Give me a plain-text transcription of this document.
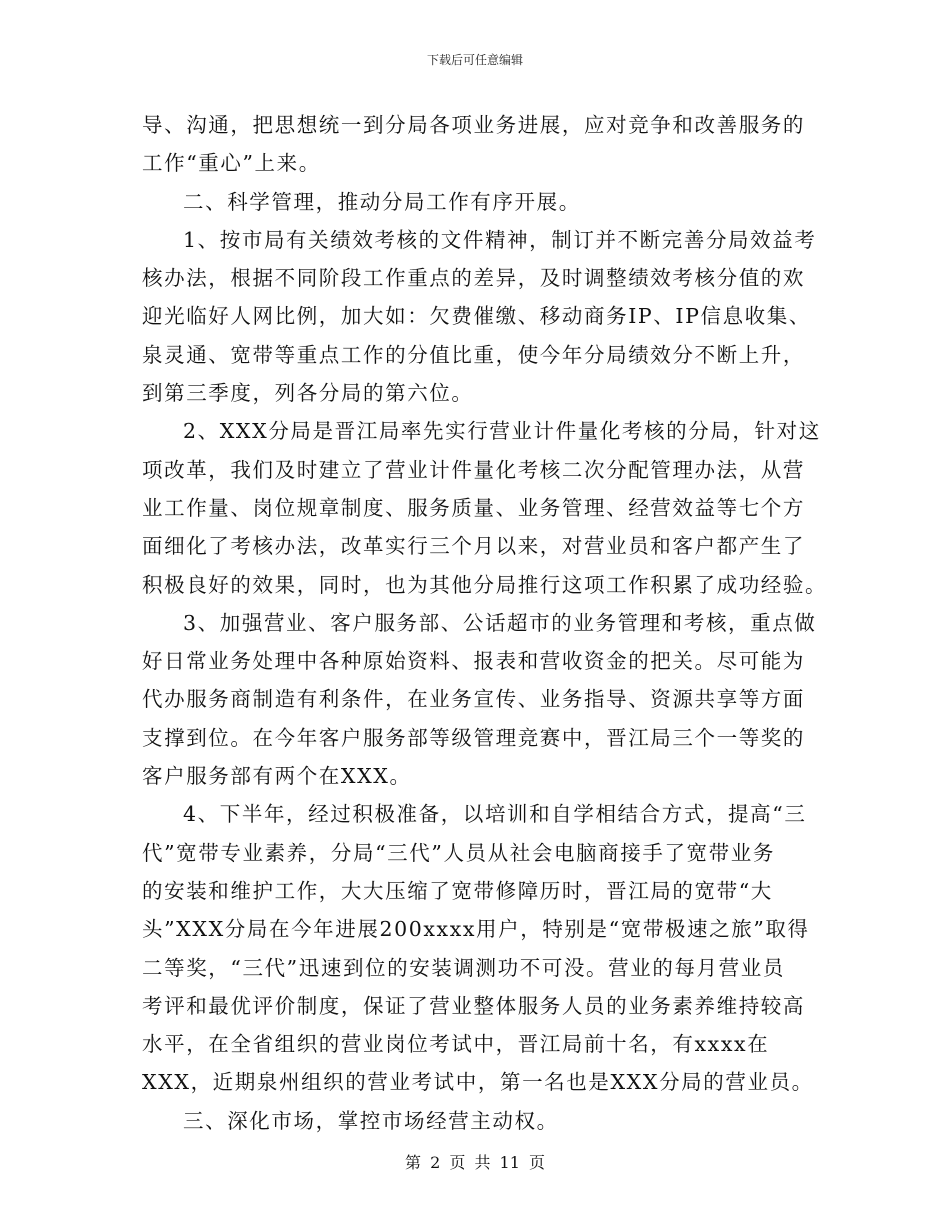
下载后可任意编辑
导、沟通，把思想统一到分局各项业务进展，应对竞争和改善服务的
工作“重心”上来。
二、科学管理，推动分局工作有序开展。
1、按市局有关绩效考核的文件精神，制订并不断完善分局效益考
核办法，根据不同阶段工作重点的差异，及时调整绩效考核分值的欢
迎光临好人网比例，加大如：欠费催缴、移动商务IP、IP信息收集、
泉灵通、宽带等重点工作的分值比重，使今年分局绩效分不断上升，
到第三季度，列各分局的第六位。
2、XXX分局是晋江局率先实行营业计件量化考核的分局，针对这
项改革，我们及时建立了营业计件量化考核二次分配管理办法，从营
业工作量、岗位规章制度、服务质量、业务管理、经营效益等七个方
面细化了考核办法，改革实行三个月以来，对营业员和客户都产生了
积极良好的效果，同时，也为其他分局推行这项工作积累了成功经验。
3、加强营业、客户服务部、公话超市的业务管理和考核，重点做
好日常业务处理中各种原始资料、报表和营收资金的把关。尽可能为
代办服务商制造有利条件，在业务宣传、业务指导、资源共享等方面
支撑到位。在今年客户服务部等级管理竞赛中，晋江局三个一等奖的
客户服务部有两个在XXX。
4、下半年，经过积极准备，以培训和自学相结合方式，提高“三
代”宽带专业素养，分局“三代”人员从社会电脑商接手了宽带业务
的安装和维护工作，大大压缩了宽带修障历时，晋江局的宽带“大
头”XXX分局在今年进展200xxxx用户，特别是“宽带极速之旅”取得
二等奖，“三代”迅速到位的安装调测功不可没。营业的每月营业员
考评和最优评价制度，保证了营业整体服务人员的业务素养维持较高
水平，在全省组织的营业岗位考试中，晋江局前十名，有xxxx在
XXX，近期泉州组织的营业考试中，第一名也是XXX分局的营业员。
三、深化市场，掌控市场经营主动权。
第 2 页 共 11 页
